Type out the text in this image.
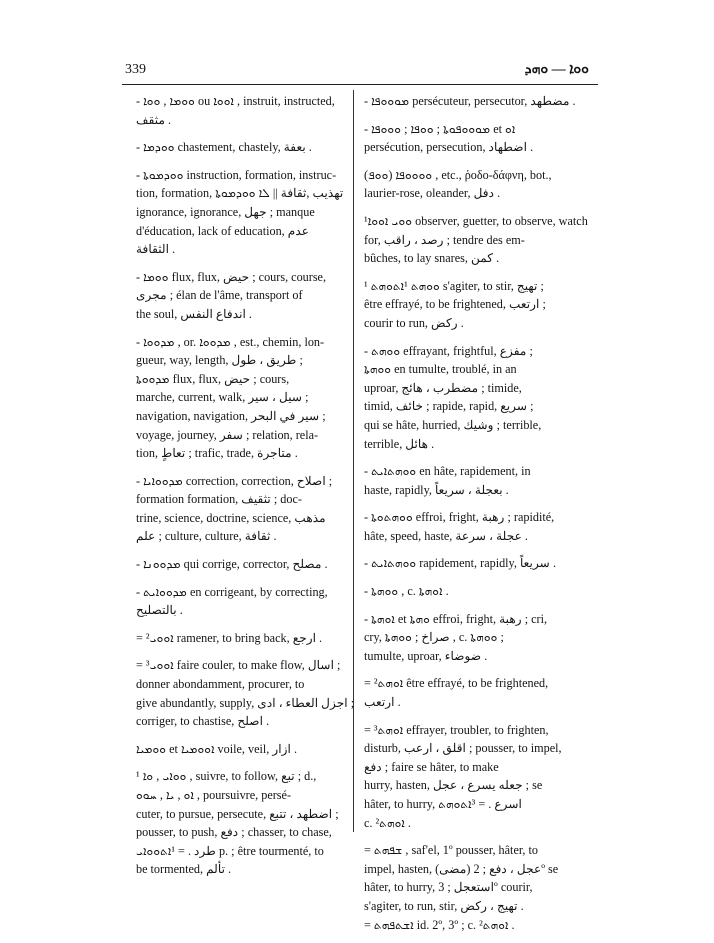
339	ܘܘܐ — ܘܗܕ
- ܘܘܡܐ , ܘܘܐ ou ܐܘܘܐ , instruit, instructed,
مثقف .
- ܘܘܕܡܐ chastement, chastely, بعفة .
- ܘܘܕܡܘܬܐ instruction, formation, instruc-
tion, formation, تهذيب ,ثقافة || ܠܐ ܘܘܕܡܘܬܐ
ignorance, ignorance, جهل ; manque
d'éducation, lack of education, عدم
الثقافة .
- ܘܘܡܐ flux, flux, حيض ; cours, course,
مجرى ; élan de l'âme, transport of
the soul, اندفاع النفس .
- ܡܕܘܘܐ , or. ܡܕܘܘܐ , est., chemin, lon-
gueur, way, length, طريق ، طول ;
ܡܕܘܘܬܐ flux, flux, حيض ; cours,
marche, current, walk, سيل ، سير ;
navigation, navigation, سير في البحر ;
voyage, journey, سفر ; relation, rela-
tion, تعاطٍ ; trafic, trade, متاجرة .
- ܡܕܘܘܐܝܐ correction, correction, اصلاح ;
formation formation, تثقيف ; doc-
trine, science, doctrine, science, مذهب
علم ; culture, culture, ثقافة .
- ܡܕܘܘܢܐ qui corrige, corrector, مصلح .
- ܡܕܘܘܐܝܬ en corrigeant, by correcting,
بالتصليح .
= ²ܐܘܘܝ ramener, to bring back, ارجع .
= ³ܐܘܘܝ faire couler, to make flow, اسال ;
donner abondamment, procurer, to
give abundantly, supply, اجزل العطاء ، ادى ;
corriger, to chastise, اصلح .
ܘܘܡܝܐ et ܐܘܘܡܝܐ voile, veil, ازار .
¹ ܘܘܐܝ , ܘܐ , suivre, to follow, تبع ; d.,
ܐܘ , ܝܐ , ܚܘܘ , poursuivre, persé-
cuter, to pursue, persecute, اضطهد ، تتبع ;
pousser, to push, دفع ; chasser, to chase,
طرد . = ¹ܐܬܘܘܐܝ p. ; être tourmenté, to
be tormented, تألم .
- ܡܘܘܘܦܐ persécuteur, persecutor, مضطهد .
- ܡܘܘܘܦܘܬܐ ; ܘܘܦܐ ; ܘܘܘܦܐ et ܐܘ
persécution, persecution, اضطهاد .
(ܘܘܦ) ܘܘܘܘܦܐ , etc., ῥοδο-δάφνη, bot.,
laurier-rose, oleander, دفل .
¹ܘܘܝ ܐܘܘܐ observer, guetter, to observe, watch
for, رصد ، راقب ; tendre des em-
bûches, to lay snares, كمن .
¹ ܘܘܗܬ ¹ܐܬܘܗܬ s'agiter, to stir, تهيج ;
être effrayé, to be frightened, ارتعب ;
courir to run, ركض .
- ܘܘܗܬ effrayant, frightful, مفزع ;
ܘܘܗܬܐ en tumulte, troublé, in an
uproar, مضطرب ، هائج ; timide,
timid, خائف ; rapide, rapid, سريع ;
qui se hâte, hurried, وشيك ; terrible,
terrible, هائل .
- ܘܘܗܬܐܝܬ en hâte, rapidement, in
haste, rapidly, بعجلة ، سريعاً .
- ܘܘܗܬܘܬܐ effroi, fright, رهبة ; rapidité,
hâte, speed, haste, عجلة ، سرعة .
- ܘܘܗܬܐܝܬ rapidement, rapidly, سريعاً .
- ܘܘܗܬܐ , c. ܐܘܗܬܐ .
- ܐܘܗܬܐ et ܘܗܬܐ effroi, fright, رهبة ; cri,
cry, صراخ ; ܘܘܗܬܐ , c. ܘܘܗܬܐ ;
tumulte, uproar, ضوضاء .
= ²ܐܘܗܬ être effrayé, to be frightened,
ارتعب .
= ³ܐܘܗܬ effrayer, troubler, to frighten,
disturb, اقلق ، ارعب ; pousser, to impel,
دفع ; faire se hâter, to make
hurry, hasten, جعله يسرع ، عجل ; se
hâter, to hurry, اسرع . = ³ܐܬܘܗܬ
c. ²ܐܘܗܬ .
= ܫܦܗܬ , saf'el, 1º pousser, hâter, to
impel, hasten, (مضى) عجل ، دفع ; 2º se
hâter, to hurry, استعجل ; 3º courir,
s'agiter, to run, stir, تهيج ، ركض .
= ܐܫܬܦܗܬ id. 2º, 3º ; c. ²ܐܘܗܬ .
